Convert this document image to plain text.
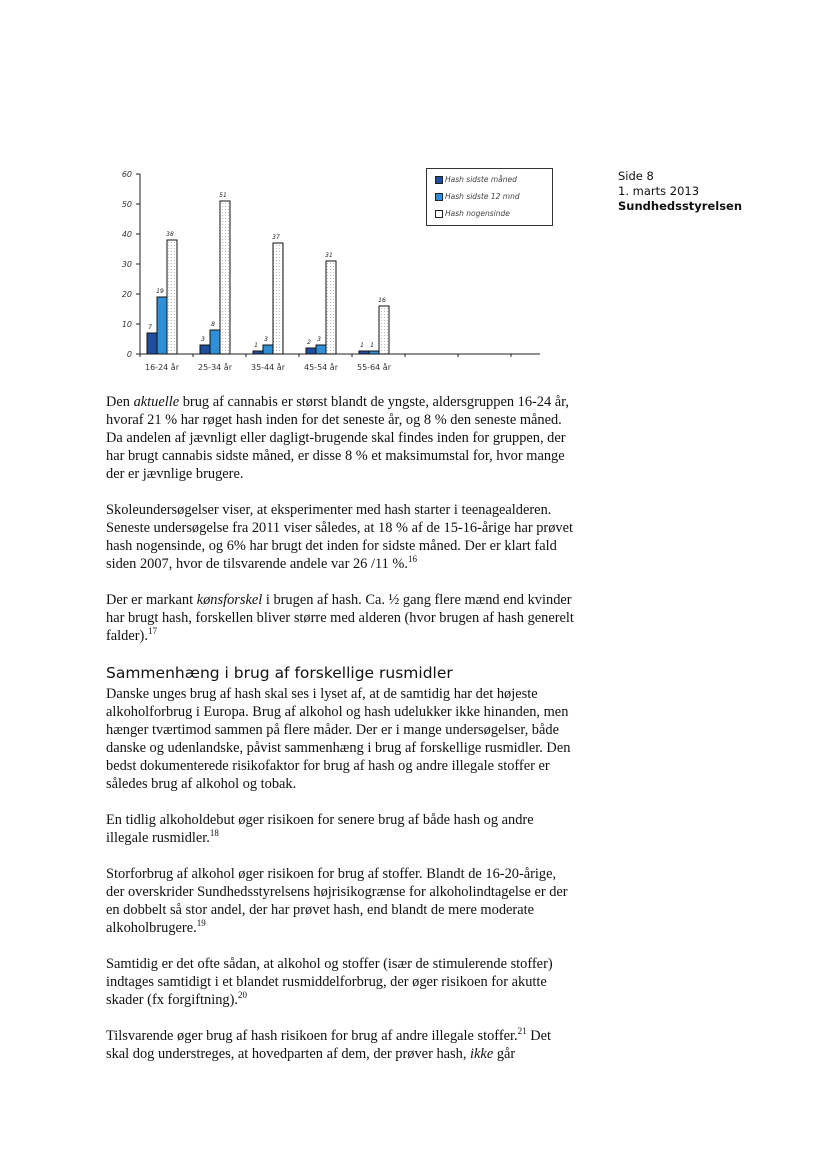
Side 8
1. marts 2013
Sundhedsstyrelsen
0
10
20
30
40
50
60
16-24 år 25-34 år 35-44 år 45-54 år 55-64 år
7
19
38
3
8
51
1
3
37
2 3
31
1 1
16
Hash sidste måned
Hash sidste 12 mnd
Hash nogensinde

Den aktuelle brug af cannabis er størst blandt de yngste, aldersgruppen 16-24 år, hvoraf 21 % har røget hash inden for det seneste år, og 8 % den seneste måned. Da andelen af jævnligt eller dagligt-brugende skal findes inden for gruppen, der har brugt cannabis sidste måned, er disse 8 % et maksimumstal for, hvor mange der er jævnlige brugere.

Skoleundersøgelser viser, at eksperimenter med hash starter i teenagealderen. Seneste undersøgelse fra 2011 viser således, at 18 % af de 15-16-årige har prøvet hash nogensinde, og 6% har brugt det inden for sidste måned. Der er klart fald siden 2007, hvor de tilsvarende andele var 26 /11 %.$^{16}$

Der er markant kønsforskel i brugen af hash. Ca. ½ gang flere mænd end kvinder har brugt hash, forskellen bliver større med alderen (hvor brugen af hash generelt falder).$^{17}$

Sammenhæng i brug af forskellige rusmidler

Danske unges brug af hash skal ses i lyset af, at de samtidig har det højeste alkoholforbrug i Europa. Brug af alkohol og hash udelukker ikke hinanden, men hænger tværtimod sammen på flere måder. Der er i mange undersøgelser, både danske og udenlandske, påvist sammenhæng i brug af forskellige rusmidler. Den bedst dokumenterede risikofaktor for brug af hash og andre illegale stoffer er således brug af alkohol og tobak.

En tidlig alkoholdebut øger risikoen for senere brug af både hash og andre illegale rusmidler.$^{18}$

Storforbrug af alkohol øger risikoen for brug af stoffer. Blandt de 16-20-årige, der overskrider Sundhedsstyrelsens højrisikogrænse for alkoholindtagelse er der en dobbelt så stor andel, der har prøvet hash, end blandt de mere moderate alkoholbrugere.$^{19}$

Samtidig er det ofte sådan, at alkohol og stoffer (især de stimulerende stoffer) indtages samtidigt i et blandet rusmiddelforbrug, der øger risikoen for akutte skader (fx forgiftning).$^{20}$

Tilsvarende øger brug af hash risikoen for brug af andre illegale stoffer.$^{21}$ Det skal dog understreges, at hovedparten af dem, der prøver hash, ikke går
